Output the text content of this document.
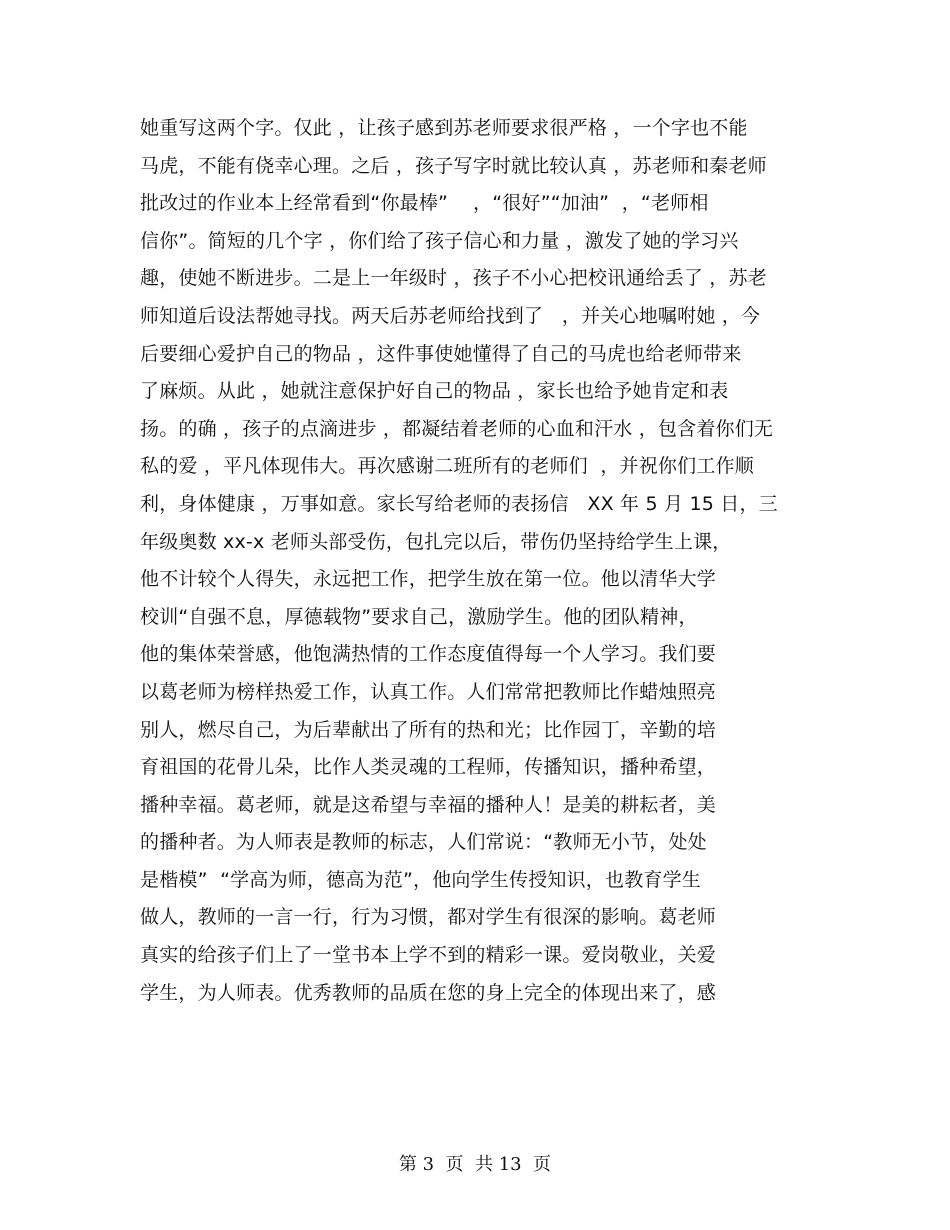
她重写这两个字。仅此 ，让孩子感到苏老师要求很严格 ，一个字也不能
马虎，不能有侥幸心理。之后 ，孩子写字时就比较认真 ，苏老师和秦老师
批改过的作业本上经常看到“你最棒”    ，“很好”“加油”  ，“老师相
信你”。简短的几个字 ，你们给了孩子信心和力量 ，激发了她的学习兴
趣，使她不断进步。二是上一年级时 ，孩子不小心把校讯通给丢了 ，苏老
师知道后设法帮她寻找。两天后苏老师给找到了   ，并关心地嘱咐她 ，今
后要细心爱护自己的物品 ，这件事使她懂得了自己的马虎也给老师带来
了麻烦。从此 ，她就注意保护好自己的物品 ，家长也给予她肯定和表
扬。的确 ，孩子的点滴进步 ，都凝结着老师的心血和汗水 ，包含着你们无
私的爱 ，平凡体现伟大。再次感谢二班所有的老师们  ，并祝你们工作顺
利，身体健康 ，万事如意。家长写给老师的表扬信   XX 年 5 月 15 日，三
年级奥数 xx-x 老师头部受伤，包扎完以后，带伤仍坚持给学生上课，
他不计较个人得失，永远把工作，把学生放在第一位。他以清华大学
校训“自强不息，厚德载物”要求自己，激励学生。他的团队精神，
他的集体荣誉感，他饱满热情的工作态度值得每一个人学习。我们要
以葛老师为榜样热爱工作，认真工作。人们常常把教师比作蜡烛照亮
别人，燃尽自己，为后辈献出了所有的热和光；比作园丁，辛勤的培
育祖国的花骨儿朵，比作人类灵魂的工程师，传播知识，播种希望，
播种幸福。葛老师，就是这希望与幸福的播种人！是美的耕耘者，美
的播种者。为人师表是教师的标志，人们常说：“教师无小节，处处
是楷模”  “学高为师，德高为范”，他向学生传授知识，也教育学生
做人，教师的一言一行，行为习惯，都对学生有很深的影响。葛老师
真实的给孩子们上了一堂书本上学不到的精彩一课。爱岗敬业，关爱
学生，为人师表。优秀教师的品质在您的身上完全的体现出来了，感
第 3  页  共 13  页
